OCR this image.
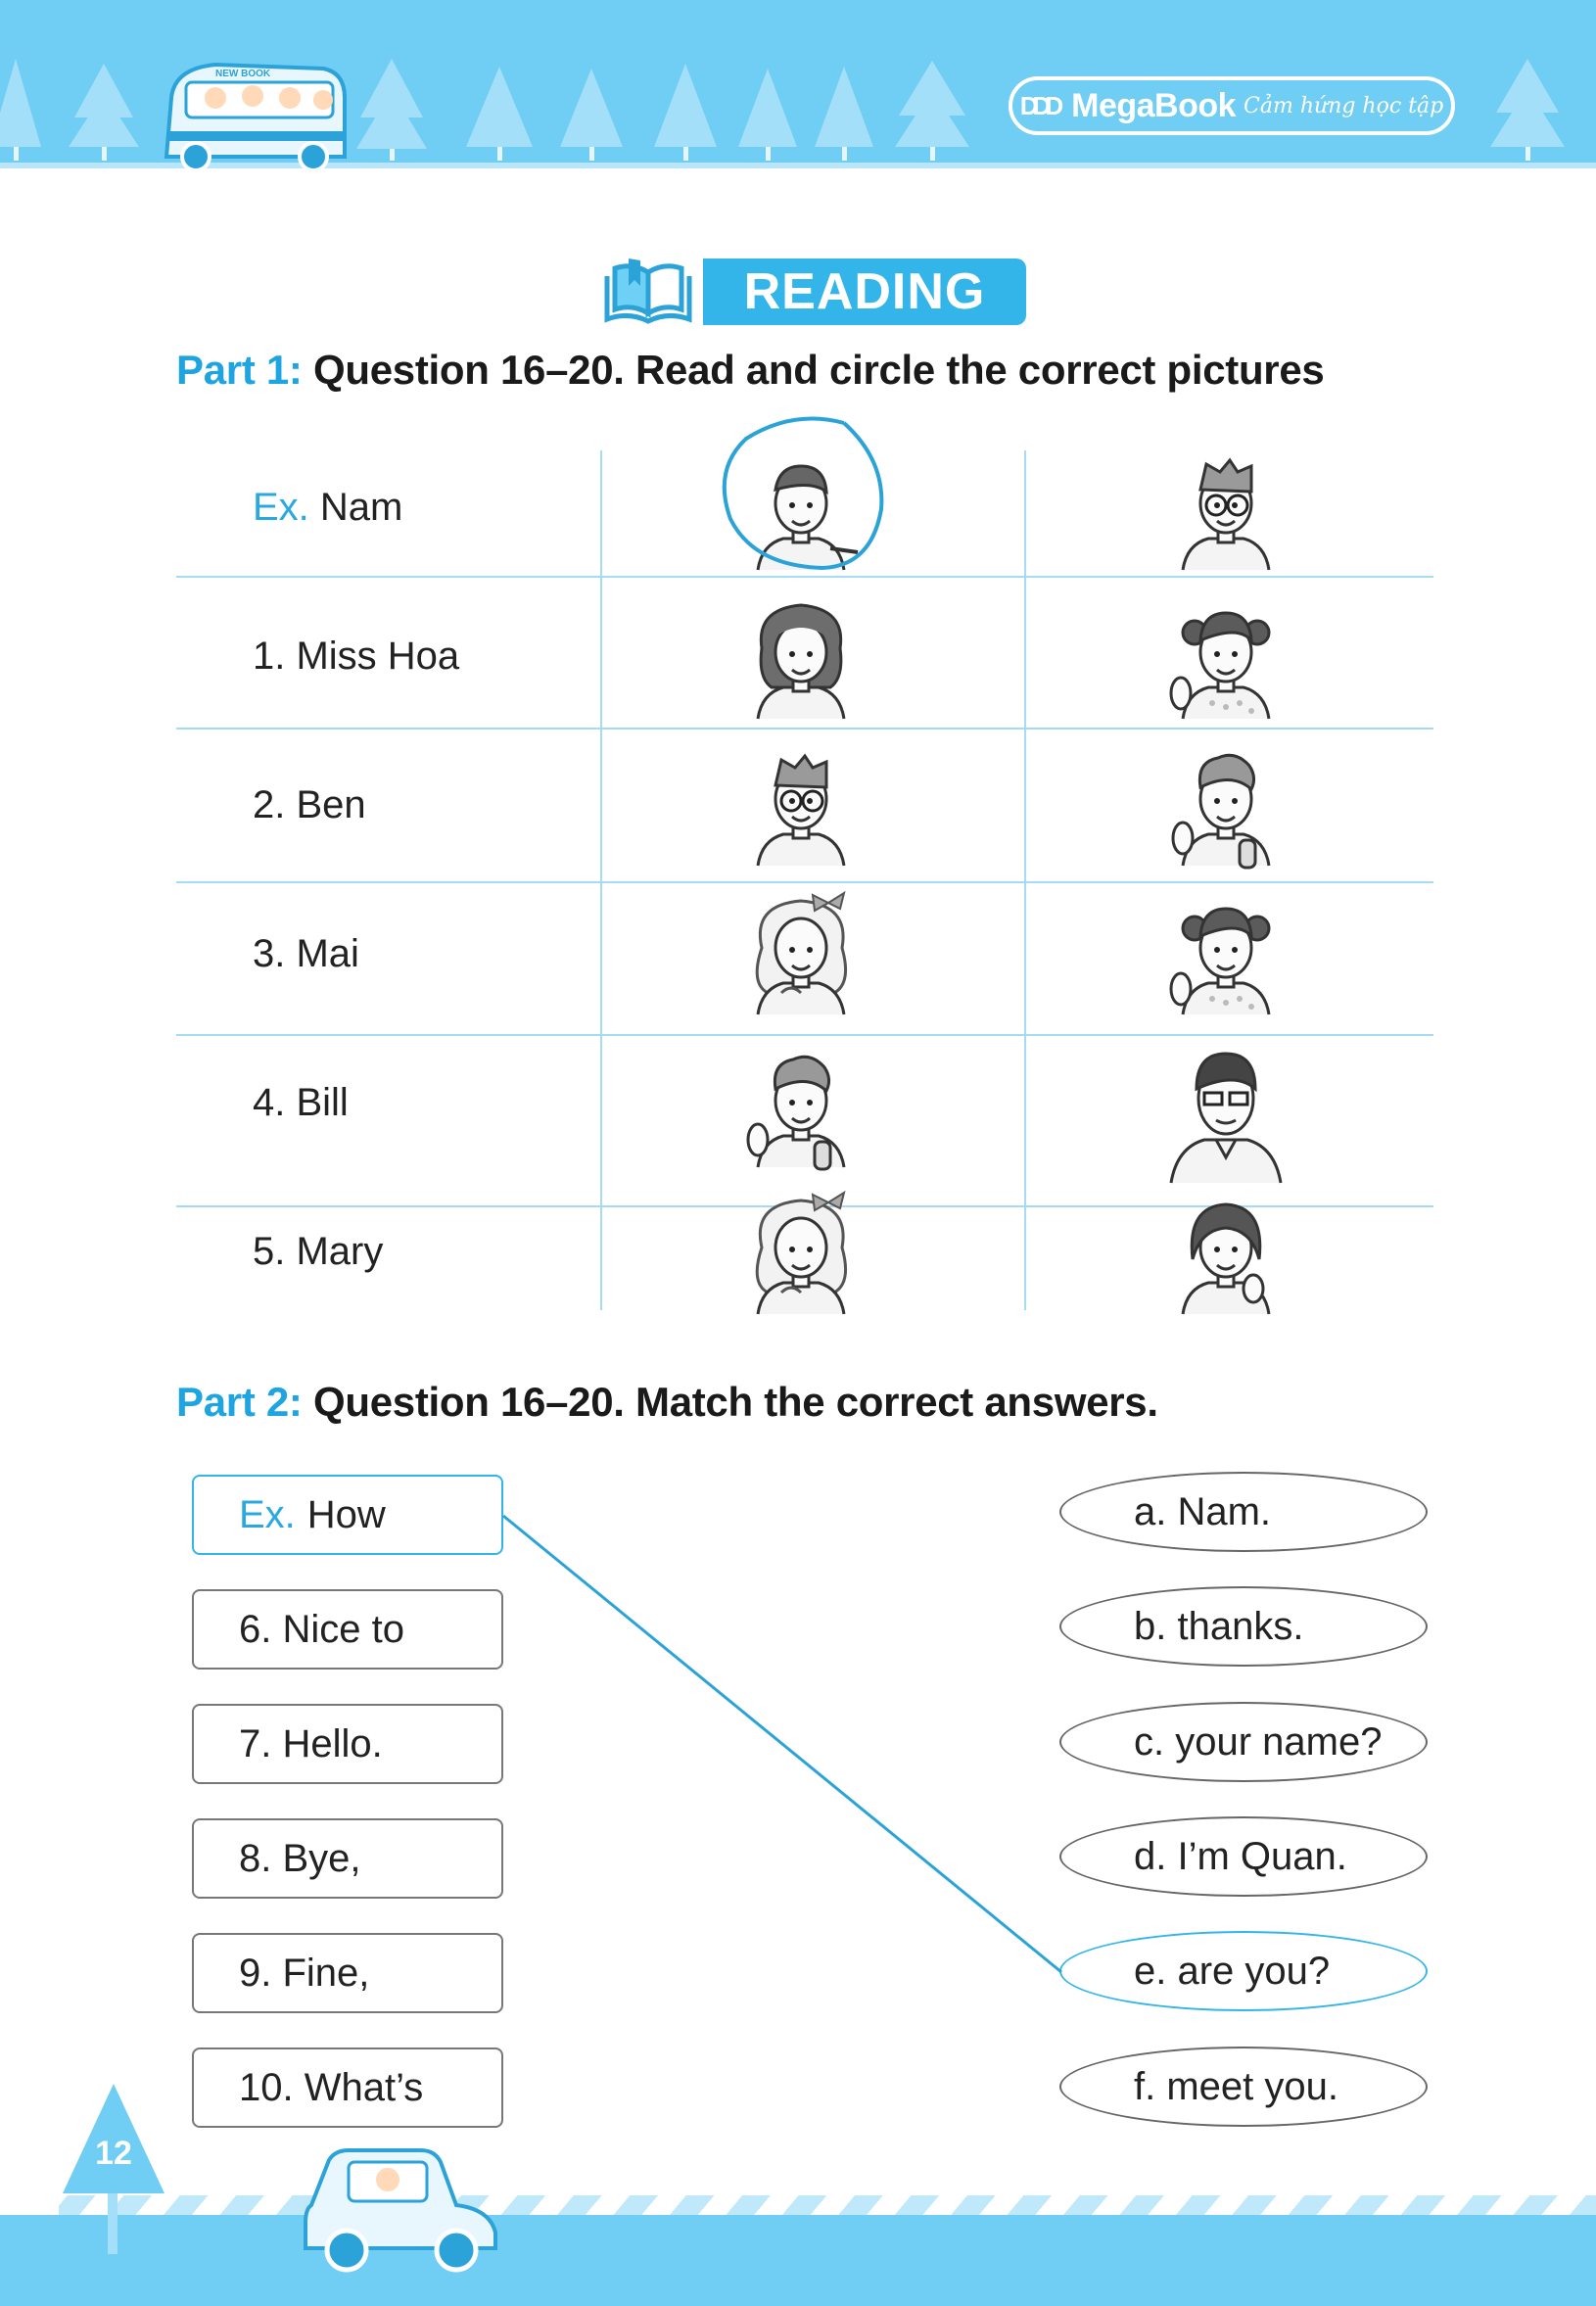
NEW BOOK
DDD MegaBook Cảm hứng học tập
READING
Part 1: Question 16–20. Read and circle the correct pictures
Ex. Nam
1. Miss Hoa
2. Ben
3. Mai
4. Bill
5. Mary
Part 2: Question 16–20. Match the correct answers.
Ex. How
6. Nice to
7. Hello.
8. Bye,
9. Fine,
10. What’s
a. Nam.
b. thanks.
c. your name?
d. I’m Quan.
e. are you?
f. meet you.
12
